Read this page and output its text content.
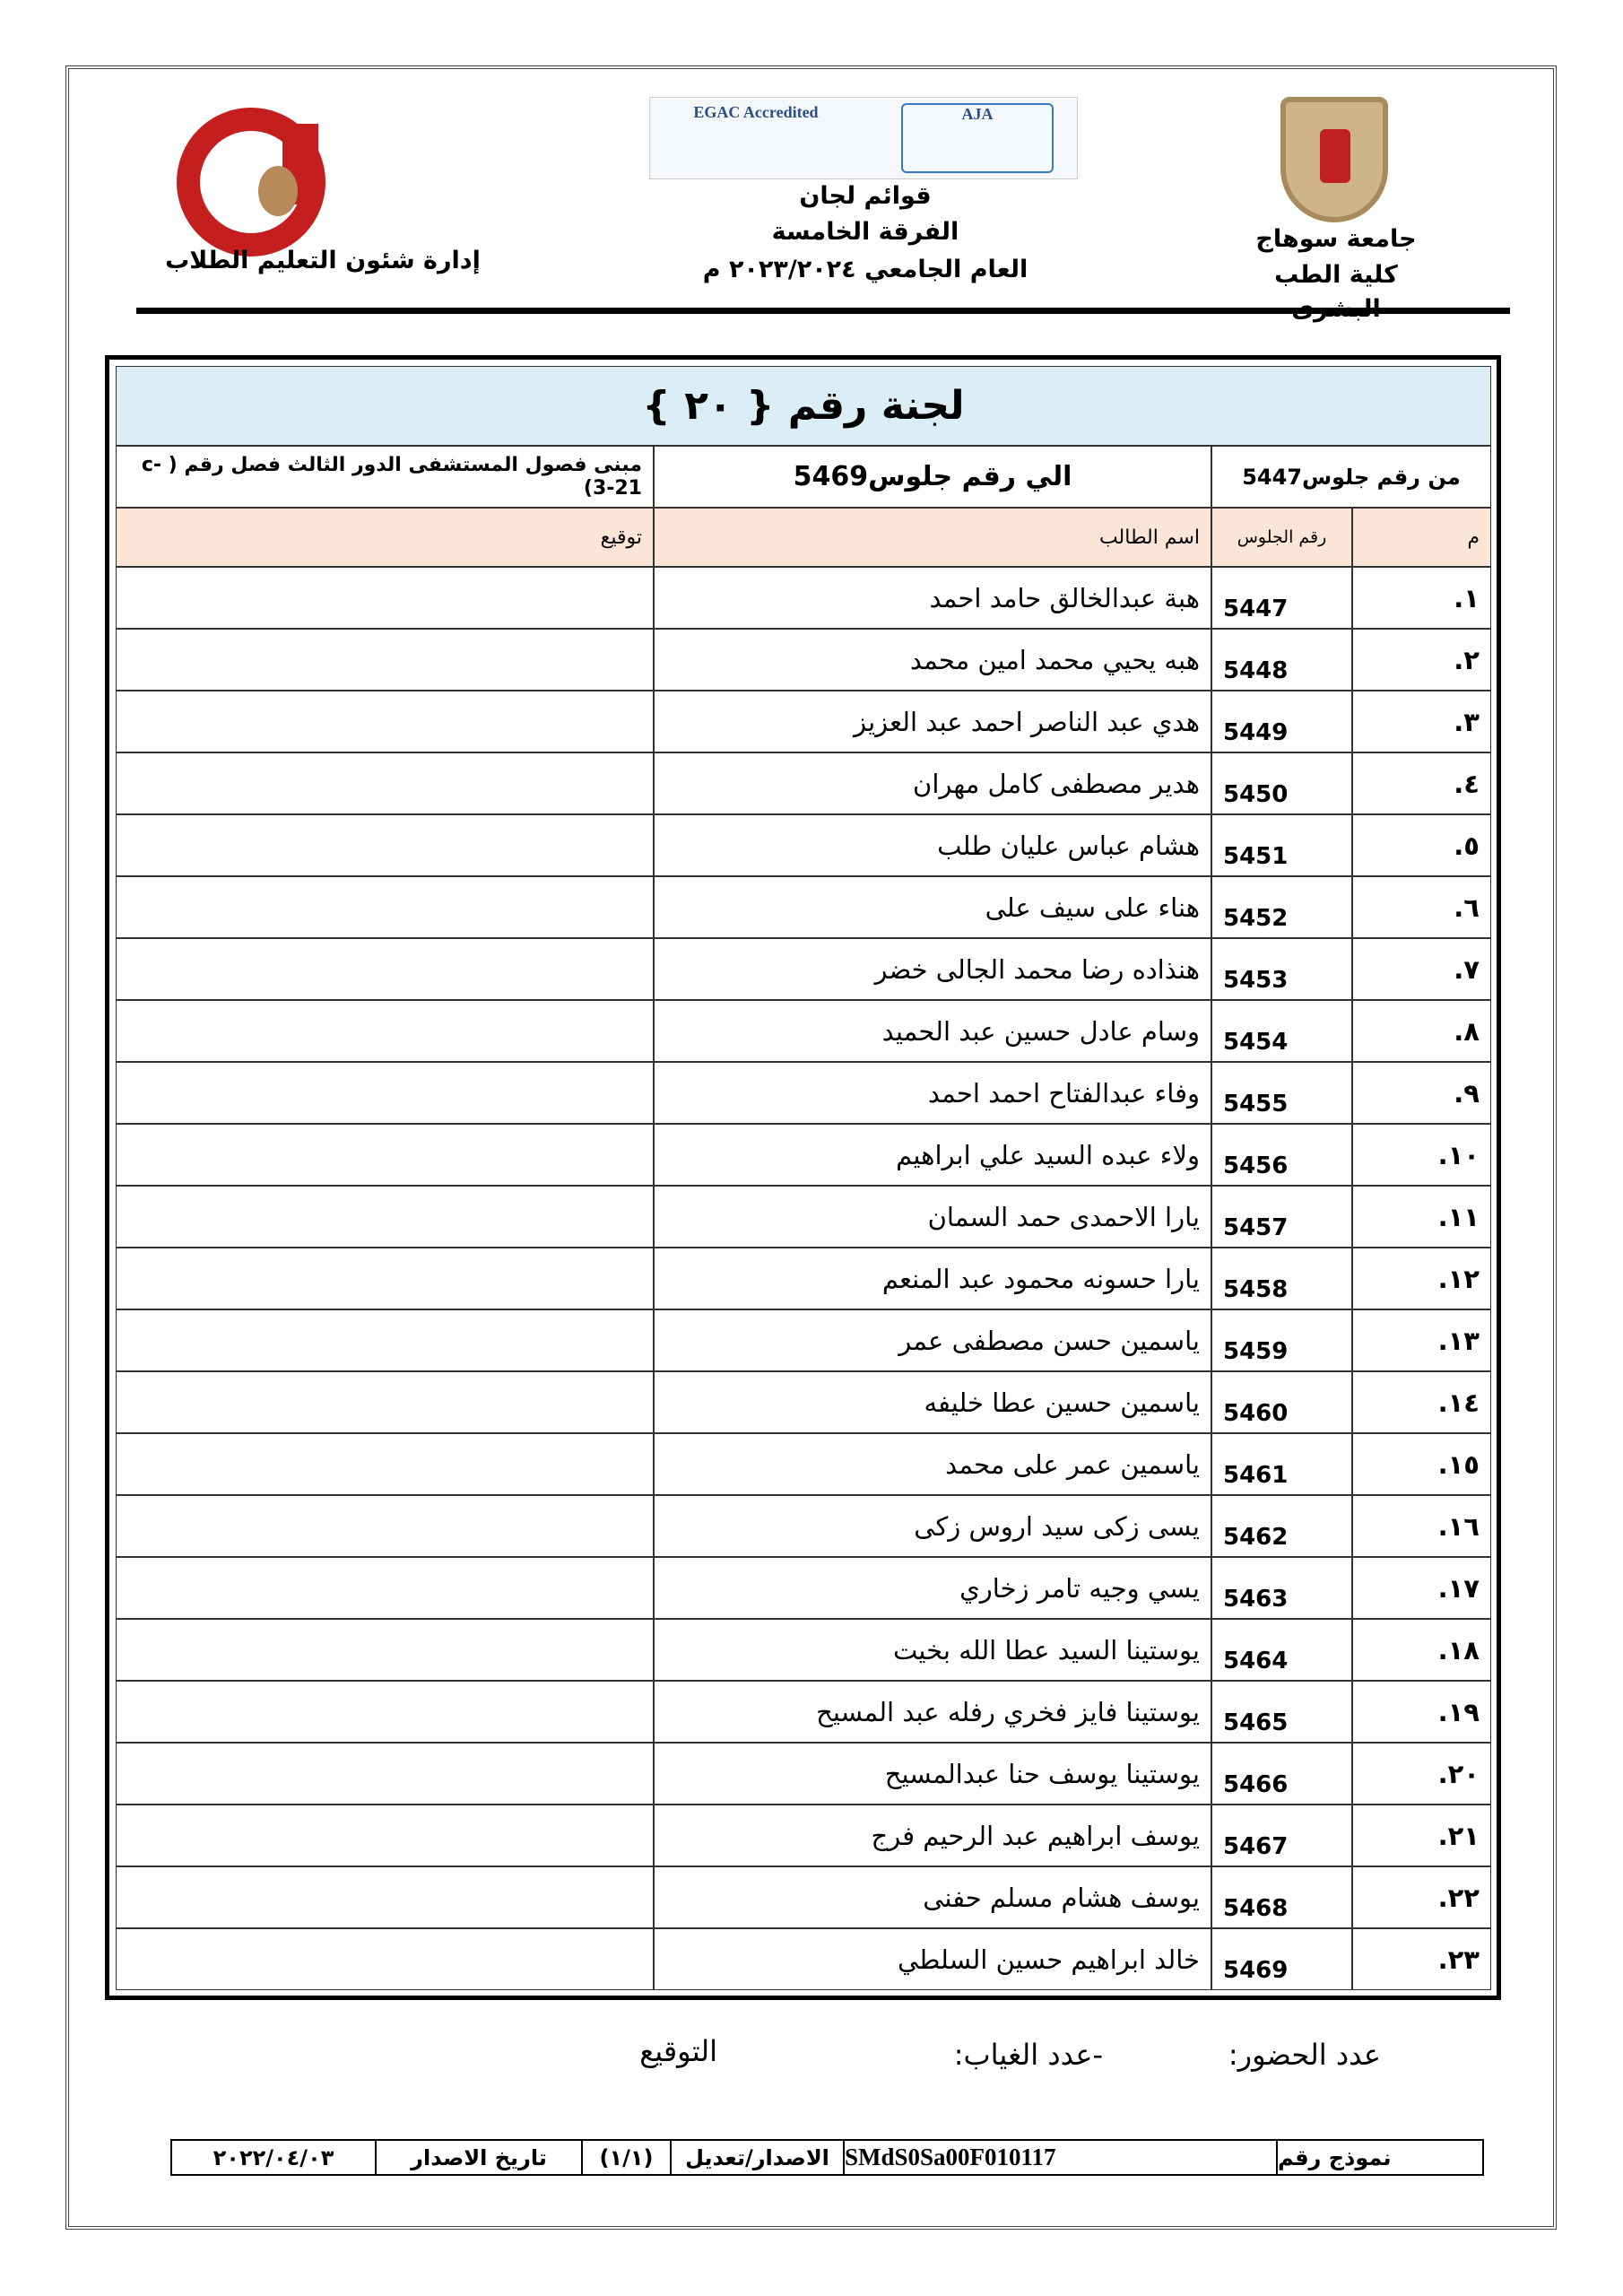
جامعة سوهاج
كلية الطب
EGAC Accredited	AJA
قوائم لجان
الفرقة الخامسة
العام الجامعي ٢٠٢٣/٢٠٢٤ م
إدارة شئون التعليم الطلاب
لجنة رقم { ٢٠ }
من رقم جلوس5447
الي رقم جلوس5469
مبنى فصول المستشفى الدور الثالث فصل رقم ( c-3-21)
م
رقم الجلوس
اسم الطالب
توقيع
١.
5447
هبة عبدالخالق حامد احمد
٢.
5448
هبه يحيي محمد امين محمد
٣.
5449
هدي عبد الناصر احمد عبد العزيز
٤.
5450
هدير مصطفى كامل مهران
٥.
5451
هشام عباس عليان طلب
٦.
5452
هناء على سيف على
٧.
5453
هنذاده رضا محمد الجالى خضر
٨.
5454
وسام عادل حسين عبد الحميد
٩.
5455
وفاء عبدالفتاح احمد احمد
١٠.
5456
ولاء عبده السيد علي ابراهيم
١١.
5457
يارا الاحمدى حمد السمان
١٢.
5458
يارا حسونه محمود عبد المنعم
١٣.
5459
ياسمين حسن مصطفى عمر
١٤.
5460
ياسمين حسين عطا خليفه
١٥.
5461
ياسمين عمر على محمد
١٦.
5462
يسى زكى سيد اروس زكى
١٧.
5463
يسي وجيه تامر زخاري
١٨.
5464
يوستينا السيد عطا الله بخيت
١٩.
5465
يوستينا فايز فخري رفله عبد المسيح
٢٠.
5466
يوستينا يوسف حنا عبدالمسيح
٢١.
5467
يوسف ابراهيم عبد الرحيم فرج
٢٢.
5468
يوسف هشام مسلم حفنى
٢٣.
5469
خالد ابراهيم حسين السلطي
عدد الحضور:
-عدد الغياب:
التوقيع
نموذج رقم
SMdS0Sa00F010117
الاصدار/تعديل
(١/١)
تاريخ الاصدار
٢٠٢٢/٠٤/٠٣
